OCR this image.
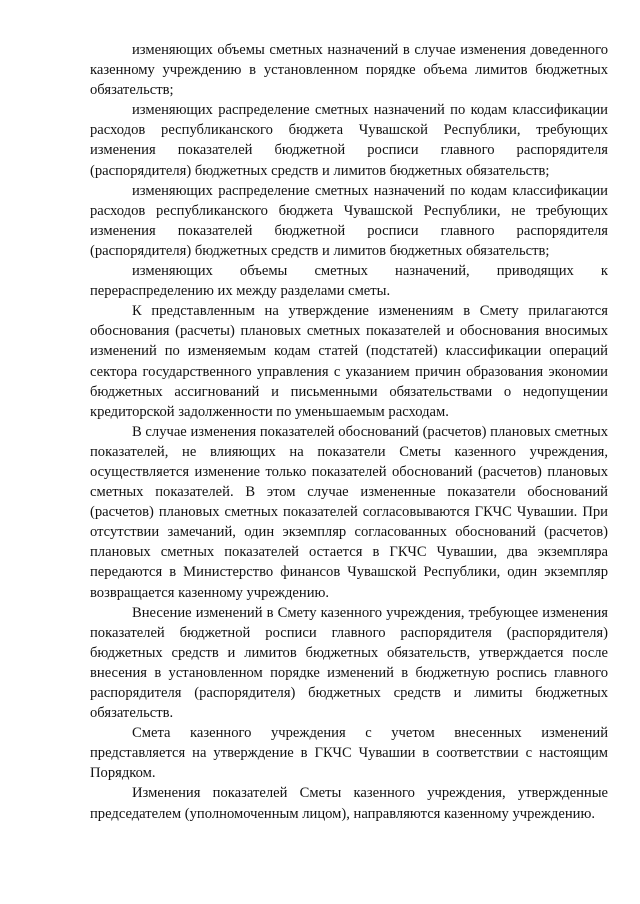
изменяющих объемы сметных назначений в случае изменения доведенного казенному учреждению в установленном порядке объема лимитов бюджетных обязательств;

изменяющих распределение сметных назначений по кодам классификации расходов республиканского бюджета Чувашской Республики, требующих изменения показателей бюджетной росписи главного распорядителя (распорядителя) бюджетных средств и лимитов бюджетных обязательств;

изменяющих распределение сметных назначений по кодам классификации расходов республиканского бюджета Чувашской Республики, не требующих изменения показателей бюджетной росписи главного распорядителя (распорядителя) бюджетных средств и лимитов бюджетных обязательств;

изменяющих объемы сметных назначений, приводящих к перераспределению их между разделами сметы.

К представленным на утверждение изменениям в Смету прилагаются обоснования (расчеты) плановых сметных показателей и обоснования вносимых изменений по изменяемым кодам статей (подстатей) классификации операций сектора государственного управления с указанием причин образования экономии бюджетных ассигнований и письменными обязательствами о недопущении кредиторской задолженности по уменьшаемым расходам.

В случае изменения показателей обоснований (расчетов) плановых сметных показателей, не влияющих на показатели Сметы казенного учреждения, осуществляется изменение только показателей обоснований (расчетов) плановых сметных показателей. В этом случае измененные показатели обоснований (расчетов) плановых сметных показателей согласовываются ГКЧС Чувашии. При отсутствии замечаний, один экземпляр согласованных обоснований (расчетов) плановых сметных показателей остается в ГКЧС Чувашии, два экземпляра передаются в Министерство финансов Чувашской Республики, один экземпляр возвращается казенному учреждению.

Внесение изменений в Смету казенного учреждения, требующее изменения показателей бюджетной росписи главного распорядителя (распорядителя) бюджетных средств и лимитов бюджетных обязательств, утверждается после внесения в установленном порядке изменений в бюджетную роспись главного распорядителя (распорядителя) бюджетных средств и лимиты бюджетных обязательств.

Смета казенного учреждения с учетом внесенных изменений представляется на утверждение в ГКЧС Чувашии в соответствии с настоящим Порядком.

Изменения показателей Сметы казенного учреждения, утвержденные председателем (уполномоченным лицом), направляются казенному учреждению.
